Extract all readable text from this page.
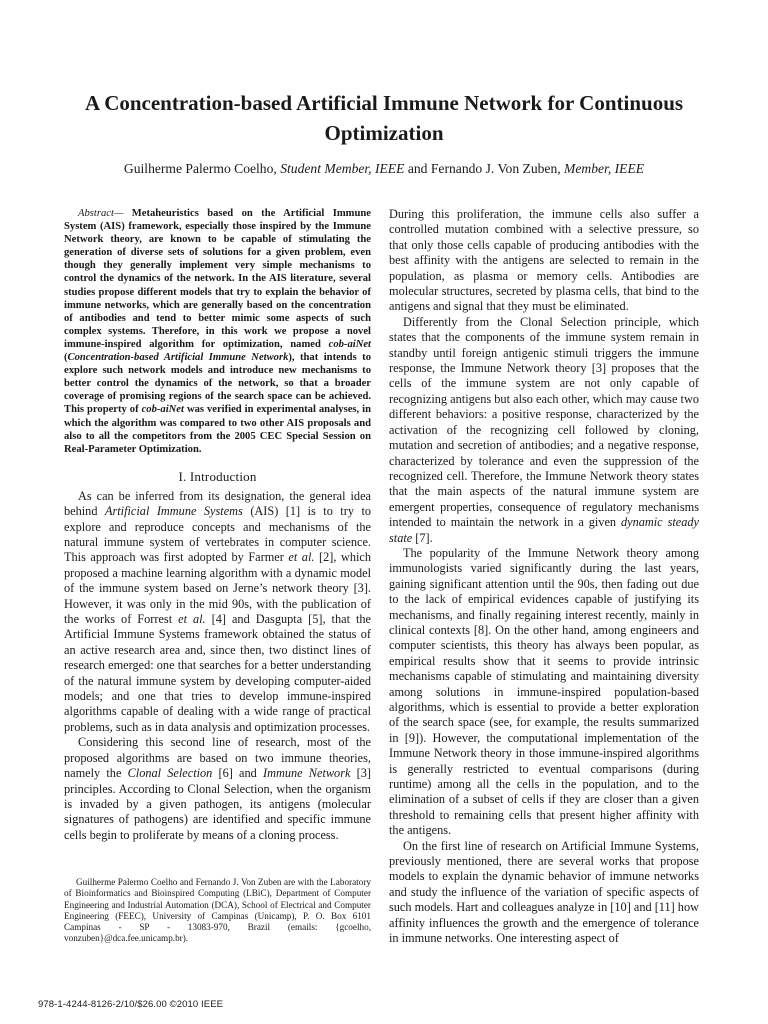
A Concentration-based Artificial Immune Network for Continuous Optimization
Guilherme Palermo Coelho, Student Member, IEEE and Fernando J. Von Zuben, Member, IEEE

Abstract— Metaheuristics based on the Artificial Immune System (AIS) framework, especially those inspired by the Immune Network theory, are known to be capable of stimulating the generation of diverse sets of solutions for a given problem, even though they generally implement very simple mechanisms to control the dynamics of the network. In the AIS literature, several studies propose different models that try to explain the behavior of immune networks, which are generally based on the concentration of antibodies and tend to better mimic some aspects of such complex systems. Therefore, in this work we propose a novel immune-inspired algorithm for optimization, named cob-aiNet (Concentration-based Artificial Immune Network), that intends to explore such network models and introduce new mechanisms to better control the dynamics of the network, so that a broader coverage of promising regions of the search space can be achieved. This property of cob-aiNet was verified in experimental analyses, in which the algorithm was compared to two other AIS proposals and also to all the competitors from the 2005 CEC Special Session on Real-Parameter Optimization.

I. Introduction

As can be inferred from its designation, the general idea behind Artificial Immune Systems (AIS) [1] is to try to explore and reproduce concepts and mechanisms of the natural immune system of vertebrates in computer science. This approach was first adopted by Farmer et al. [2], which proposed a machine learning algorithm with a dynamic model of the immune system based on Jerne’s network theory [3]. However, it was only in the mid 90s, with the publication of the works of Forrest et al. [4] and Dasgupta [5], that the Artificial Immune Systems framework obtained the status of an active research area and, since then, two distinct lines of research emerged: one that searches for a better understanding of the natural immune system by developing computer-aided models; and one that tries to develop immune-inspired algorithms capable of dealing with a wide range of practical problems, such as in data analysis and optimization processes.

Considering this second line of research, most of the proposed algorithms are based on two immune theories, namely the Clonal Selection [6] and Immune Network [3] principles. According to Clonal Selection, when the organism is invaded by a given pathogen, its antigens (molecular signatures of pathogens) are identified and specific immune cells begin to proliferate by means of a cloning process.

Guilherme Palermo Coelho and Fernando J. Von Zuben are with the Laboratory of Bioinformatics and Bioinspired Computing (LBiC), Department of Computer Engineering and Industrial Automation (DCA), School of Electrical and Computer Engineering (FEEC), University of Campinas (Unicamp), P. O. Box 6101 Campinas - SP - 13083-970, Brazil (emails: {gcoelho, vonzuben}@dca.fee.unicamp.br).

During this proliferation, the immune cells also suffer a controlled mutation combined with a selective pressure, so that only those cells capable of producing antibodies with the best affinity with the antigens are selected to remain in the population, as plasma or memory cells. Antibodies are molecular structures, secreted by plasma cells, that bind to the antigens and signal that they must be eliminated.

Differently from the Clonal Selection principle, which states that the components of the immune system remain in standby until foreign antigenic stimuli triggers the immune response, the Immune Network theory [3] proposes that the cells of the immune system are not only capable of recognizing antigens but also each other, which may cause two different behaviors: a positive response, characterized by the activation of the recognizing cell followed by cloning, mutation and secretion of antibodies; and a negative response, characterized by tolerance and even the suppression of the recognized cell. Therefore, the Immune Network theory states that the main aspects of the natural immune system are emergent properties, consequence of regulatory mechanisms intended to maintain the network in a given dynamic steady state [7].

The popularity of the Immune Network theory among immunologists varied significantly during the last years, gaining significant attention until the 90s, then fading out due to the lack of empirical evidences capable of justifying its mechanisms, and finally regaining interest recently, mainly in clinical contexts [8]. On the other hand, among engineers and computer scientists, this theory has always been popular, as empirical results show that it seems to provide intrinsic mechanisms capable of stimulating and maintaining diversity among solutions in immune-inspired population-based algorithms, which is essential to provide a better exploration of the search space (see, for example, the results summarized in [9]). However, the computational implementation of the Immune Network theory in those immune-inspired algorithms is generally restricted to eventual comparisons (during runtime) among all the cells in the population, and to the elimination of a subset of cells if they are closer than a given threshold to remaining cells that present higher affinity with the antigens.

On the first line of research on Artificial Immune Systems, previously mentioned, there are several works that propose models to explain the dynamic behavior of immune networks and study the influence of the variation of specific aspects of such models. Hart and colleagues analyze in [10] and [11] how affinity influences the growth and the emergence of tolerance in immune networks. One interesting aspect of

978-1-4244-8126-2/10/$26.00 ©2010 IEEE
